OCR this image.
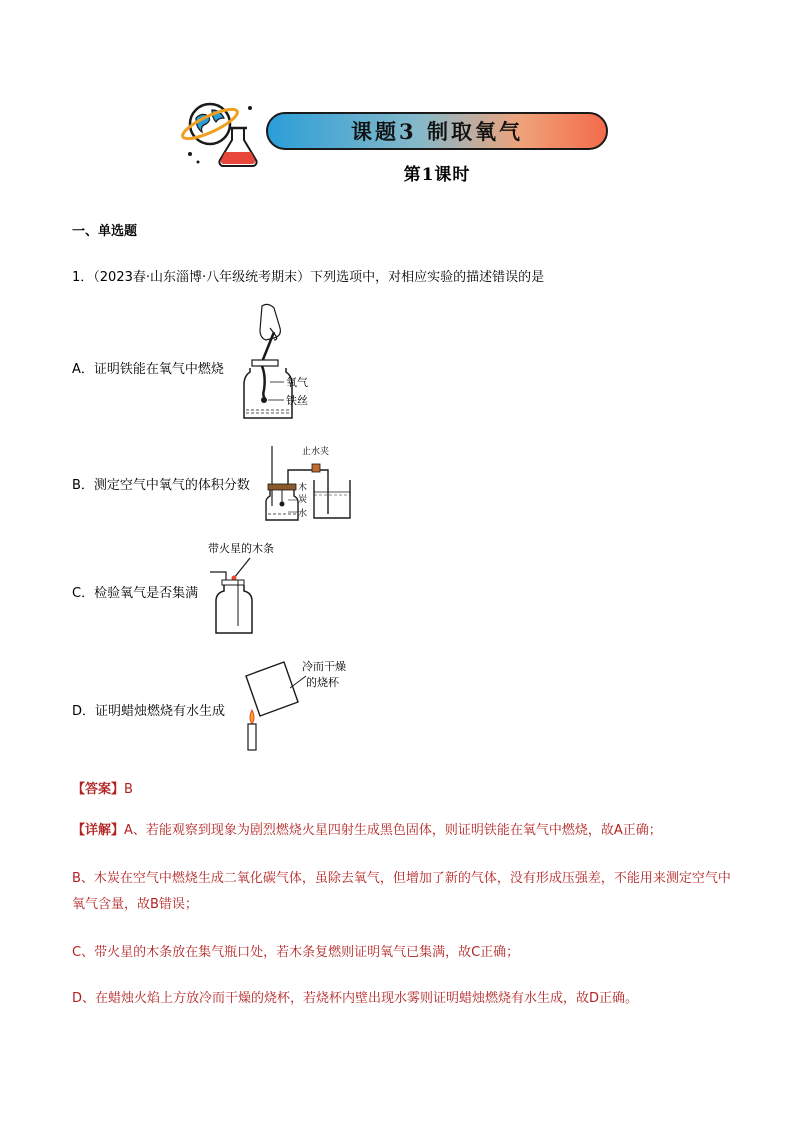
课题3 制取氧气
第1课时
一、单选题
1．（2023春·山东淄博·八年级统考期末）下列选项中，对相应实验的描述错误的是
A．证明铁能在氧气中燃烧
氧气
铁丝
B．测定空气中氧气的体积分数
止水夹
木
炭
水
C．检验氧气是否集满
带火星的木条
D．证明蜡烛燃烧有水生成
冷而干燥
的烧杯
【答案】B
【详解】A、若能观察到现象为剧烈燃烧火星四射生成黑色固体，则证明铁能在氧气中燃烧，故A正确；
B、木炭在空气中燃烧生成二氧化碳气体，虽除去氧气，但增加了新的气体，没有形成压强差，不能用来测定空气中氧气含量，故B错误；
C、带火星的木条放在集气瓶口处，若木条复燃则证明氧气已集满，故C正确；
D、在蜡烛火焰上方放冷而干燥的烧杯，若烧杯内壁出现水雾则证明蜡烛燃烧有水生成，故D正确。
